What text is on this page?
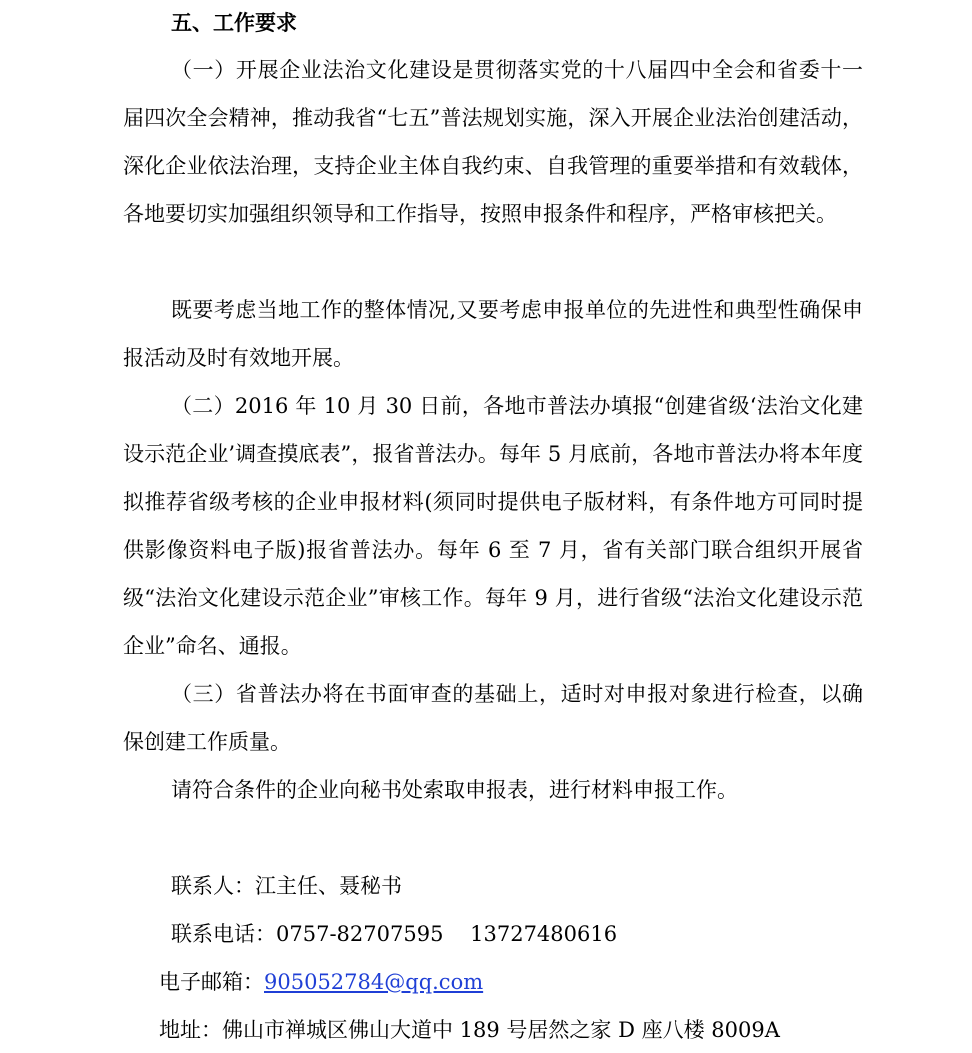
五、工作要求

（一）开展企业法治文化建设是贯彻落实党的十八届四中全会和省委十一届四次全会精神，推动我省“七五”普法规划实施，深入开展企业法治创建活动，深化企业依法治理，支持企业主体自我约束、自我管理的重要举措和有效载体，各地要切实加强组织领导和工作指导，按照申报条件和程序，严格审核把关。

既要考虑当地工作的整体情况,又要考虑申报单位的先进性和典型性确保申报活动及时有效地开展。

（二）2016 年 10 月 30 日前，各地市普法办填报“创建省级‘法治文化建设示范企业’调查摸底表”，报省普法办。每年 5 月底前，各地市普法办将本年度拟推荐省级考核的企业申报材料(须同时提供电子版材料，有条件地方可同时提供影像资料电子版)报省普法办。每年 6 至 7 月，省有关部门联合组织开展省级“法治文化建设示范企业”审核工作。每年 9 月，进行省级“法治文化建设示范企业”命名、通报。

（三）省普法办将在书面审查的基础上，适时对申报对象进行检查，以确保创建工作质量。

请符合条件的企业向秘书处索取申报表，进行材料申报工作。

联系人：江主任、聂秘书
联系电话：0757-82707595    13727480616
电子邮箱：905052784@qq.com
地址：佛山市禅城区佛山大道中 189 号居然之家 D 座八楼 8009A
